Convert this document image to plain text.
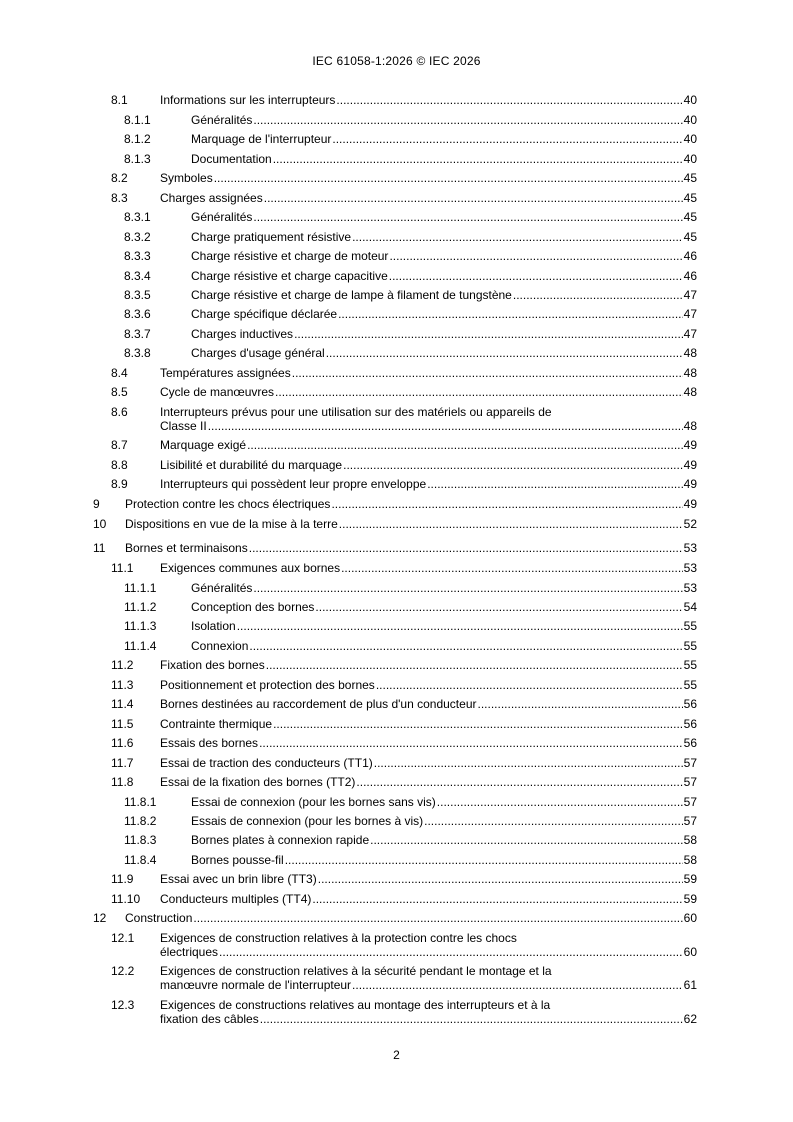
IEC 61058-1:2026 © IEC 2026
8.1	Informations sur les interrupteurs .....	40
8.1.1	Généralités .....	40
8.1.2	Marquage de l'interrupteur .....	40
8.1.3	Documentation .....	40
8.2	Symboles .....	45
8.3	Charges assignées .....	45
8.3.1	Généralités .....	45
8.3.2	Charge pratiquement résistive .....	45
8.3.3	Charge résistive et charge de moteur .....	46
8.3.4	Charge résistive et charge capacitive .....	46
8.3.5	Charge résistive et charge de lampe à filament de tungstène .....	47
8.3.6	Charge spécifique déclarée .....	47
8.3.7	Charges inductives .....	47
8.3.8	Charges d'usage général .....	48
8.4	Températures assignées .....	48
8.5	Cycle de manœuvres .....	48
8.6	Interrupteurs prévus pour une utilisation sur des matériels ou appareils de
Classe II .....	48
8.7	Marquage exigé .....	49
8.8	Lisibilité et durabilité du marquage .....	49
8.9	Interrupteurs qui possèdent leur propre enveloppe .....	49
9 Protection contre les chocs électriques .....	49
10 Dispositions en vue de la mise à la terre .....	52
11 Bornes et terminaisons .....	53
11.1 Exigences communes aux bornes .....	53
11.1.1	Généralités .....	53
11.1.2	Conception des bornes .....	54
11.1.3	Isolation .....	55
11.1.4	Connexion .....	55
11.2 Fixation des bornes .....	55
11.3 Positionnement et protection des bornes .....	55
11.4 Bornes destinées au raccordement de plus d'un conducteur .....	56
11.5 Contrainte thermique .....	56
11.6 Essais des bornes .....	56
11.7 Essai de traction des conducteurs (TT1) .....	57
11.8 Essai de la fixation des bornes (TT2) .....	57
11.8.1	Essai de connexion (pour les bornes sans vis) .....	57
11.8.2	Essais de connexion (pour les bornes à vis) .....	57
11.8.3	Bornes plates à connexion rapide .....	58
11.8.4	Bornes pousse-fil .....	58
11.9 Essai avec un brin libre (TT3) .....	59
11.10 Conducteurs multiples (TT4) .....	59
12 Construction .....	60
12.1 Exigences de construction relatives à la protection contre les chocs
électriques .....	60
12.2 Exigences de construction relatives à la sécurité pendant le montage et la
manœuvre normale de l'interrupteur .....	61
12.3 Exigences de constructions relatives au montage des interrupteurs et à la
fixation des câbles .....	62
2
